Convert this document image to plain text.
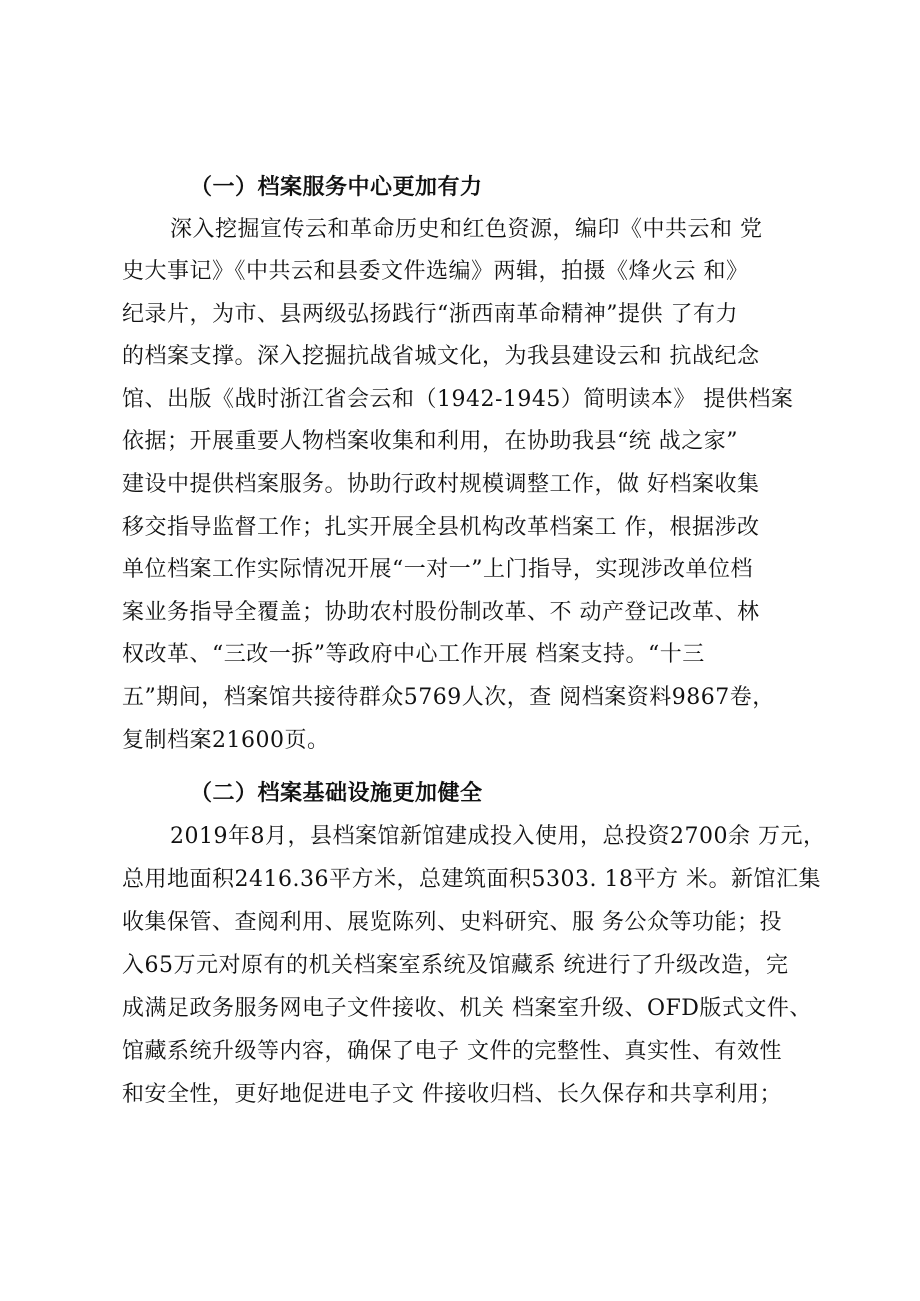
（一）档案服务中心更加有力
深入挖掘宣传云和革命历史和红色资源，编印《中共云和 党
史大事记》《中共云和县委文件选编》两辑，拍摄《烽火云 和》
纪录片，为市、县两级弘扬践行“浙西南革命精神”提供 了有力
的档案支撑。深入挖掘抗战省城文化，为我县建设云和 抗战纪念
馆、出版《战时浙江省会云和（1942-1945）简明读本》 提供档案
依据；开展重要人物档案收集和利用，在协助我县“统 战之家”
建设中提供档案服务。协助行政村规模调整工作，做 好档案收集
移交指导监督工作；扎实开展全县机构改革档案工 作，根据涉改
单位档案工作实际情况开展“一对一”上门指导，实现涉改单位档
案业务指导全覆盖；协助农村股份制改革、不 动产登记改革、林
权改革、“三改一拆”等政府中心工作开展 档案支持。“十三
五”期间，档案馆共接待群众5769人次，查 阅档案资料9867卷，
复制档案21600页。
（二）档案基础设施更加健全
2019年8月，县档案馆新馆建成投入使用，总投资2700余 万元，
总用地面积2416.36平方米，总建筑面积5303. 18平方 米。新馆汇集
收集保管、查阅利用、展览陈列、史料研究、服 务公众等功能；投
入65万元对原有的机关档案室系统及馆藏系 统进行了升级改造，完
成满足政务服务网电子文件接收、机关 档案室升级、OFD版式文件、
馆藏系统升级等内容，确保了电子 文件的完整性、真实性、有效性
和安全性，更好地促进电子文 件接收归档、长久保存和共享利用；
